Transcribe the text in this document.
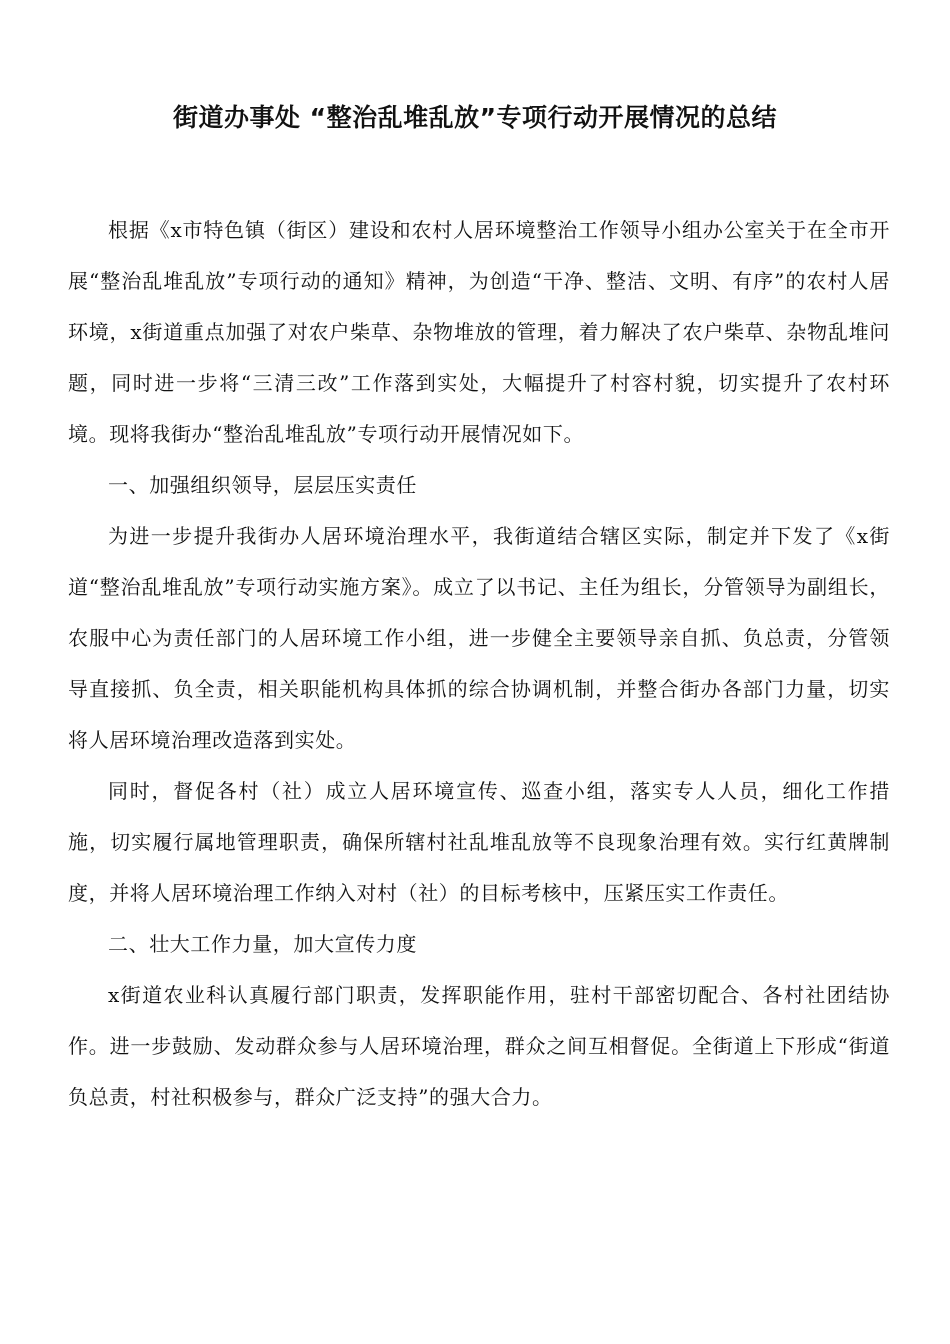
街道办事处 “整治乱堆乱放”专项行动开展情况的总结

根据《x市特色镇（街区）建设和农村人居环境整治工作领导小组办公室关于在全市开展“整治乱堆乱放”专项行动的通知》精神，为创造“干净、整洁、文明、有序”的农村人居环境，x街道重点加强了对农户柴草、杂物堆放的管理，着力解决了农户柴草、杂物乱堆问题，同时进一步将“三清三改”工作落到实处，大幅提升了村容村貌，切实提升了农村环境。现将我街办“整治乱堆乱放”专项行动开展情况如下。

一、加强组织领导，层层压实责任

为进一步提升我街办人居环境治理水平，我街道结合辖区实际，制定并下发了《x街道“整治乱堆乱放”专项行动实施方案》。成立了以书记、主任为组长，分管领导为副组长，农服中心为责任部门的人居环境工作小组，进一步健全主要领导亲自抓、负总责，分管领导直接抓、负全责，相关职能机构具体抓的综合协调机制，并整合街办各部门力量，切实将人居环境治理改造落到实处。

同时，督促各村（社）成立人居环境宣传、巡查小组，落实专人人员，细化工作措施，切实履行属地管理职责，确保所辖村社乱堆乱放等不良现象治理有效。实行红黄牌制度，并将人居环境治理工作纳入对村（社）的目标考核中，压紧压实工作责任。

二、壮大工作力量，加大宣传力度

x街道农业科认真履行部门职责，发挥职能作用，驻村干部密切配合、各村社团结协作。进一步鼓励、发动群众参与人居环境治理，群众之间互相督促。全街道上下形成“街道负总责，村社积极参与，群众广泛支持”的强大合力。
